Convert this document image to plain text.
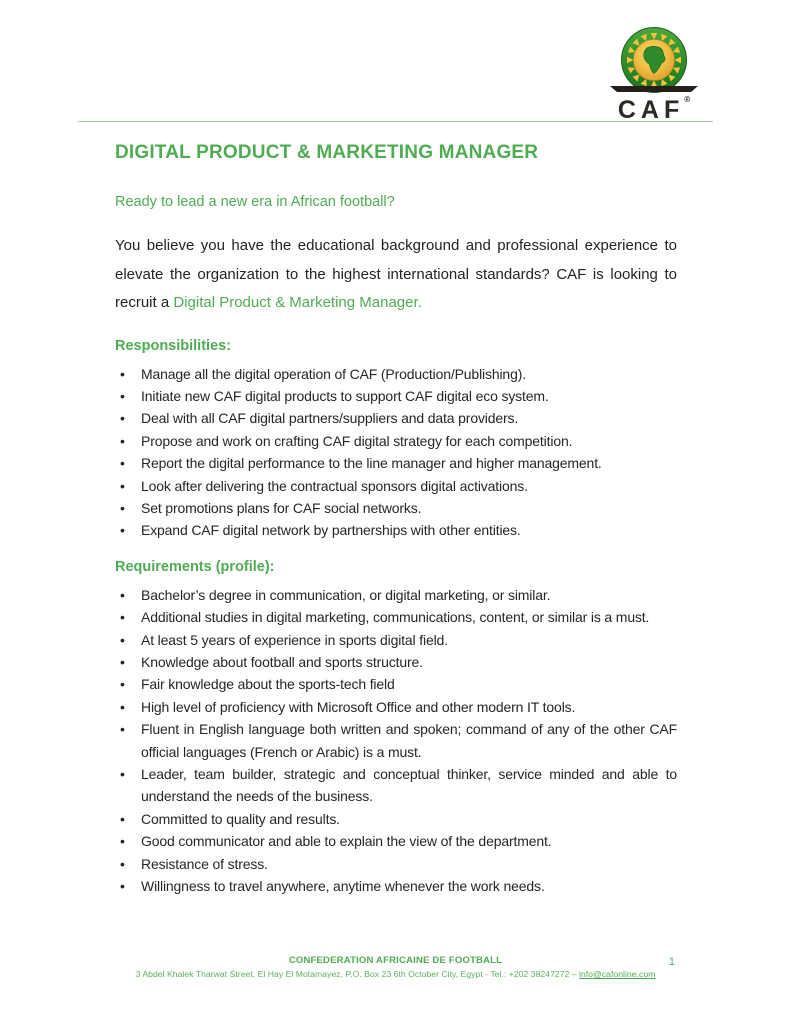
CAF®
DIGITAL PRODUCT & MARKETING MANAGER
Ready to lead a new era in African football?

You believe you have the educational background and professional experience to elevate the organization to the highest international standards? CAF is looking to recruit a Digital Product & Marketing Manager.

Responsibilities:
•	Manage all the digital operation of CAF (Production/Publishing).
•	Initiate new CAF digital products to support CAF digital eco system.
•	Deal with all CAF digital partners/suppliers and data providers.
•	Propose and work on crafting CAF digital strategy for each competition.
•	Report the digital performance to the line manager and higher management.
•	Look after delivering the contractual sponsors digital activations.
•	Set promotions plans for CAF social networks.
•	Expand CAF digital network by partnerships with other entities.
Requirements (profile):
•	Bachelor’s degree in communication, or digital marketing, or similar.
•	Additional studies in digital marketing, communications, content, or similar is a must.
•	At least 5 years of experience in sports digital field.
•	Knowledge about football and sports structure.
•	Fair knowledge about the sports-tech field
•	High level of proficiency with Microsoft Office and other modern IT tools.
•	Fluent in English language both written and spoken; command of any of the other CAF official languages (French or Arabic) is a must.
•	Leader, team builder, strategic and conceptual thinker, service minded and able to understand the needs of the business.
•	Committed to quality and results.
•	Good communicator and able to explain the view of the department.
•	Resistance of stress.
•	Willingness to travel anywhere, anytime whenever the work needs.
CONFEDERATION AFRICAINE DE FOOTBALL
3 Abdel Khalek Tharwat Street, El Hay El Motamayez, P.O. Box 23 6th October City, Egypt - Tel.: +202 38247272 – info@cafonline.com
1
